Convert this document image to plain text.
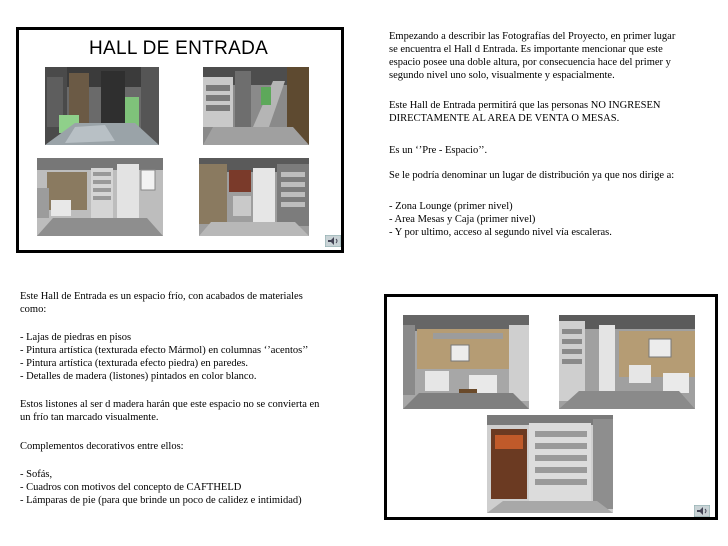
HALL DE ENTRADA
Empezando a describir las Fotografías del Proyecto, en primer lugar
se encuentra el Hall d Entrada. Es importante mencionar que este
espacio posee una doble altura, por consecuencia hace del primer y
segundo nivel uno solo, visualmente y espacialmente.
Este Hall de Entrada permitirá que las personas NO INGRESEN
DIRECTAMENTE AL AREA DE VENTA O MESAS.
Es un ‘’Pre - Espacio’’.
Se le podría denominar un lugar de distribución ya que nos dirige a:
- Zona Lounge (primer nivel)
- Area Mesas y Caja (primer nivel)
- Y por ultimo, acceso al segundo nivel vía escaleras.
Este Hall de Entrada es un espacio frío, con acabados de materiales
como:
- Lajas de piedras en pisos
- Pintura artística (texturada efecto Mármol) en columnas ‘’acentos’’
- Pintura artística (texturada efecto piedra) en paredes.
- Detalles de madera (listones) pintados en color blanco.
Estos listones al ser d madera harán que este espacio no se convierta en
un frío tan marcado visualmente.
Complementos decorativos entre ellos:
- Sofás,
- Cuadros con motivos del concepto de CAFTHELD
- Lámparas de pie (para que brinde un poco de calidez e intimidad)
